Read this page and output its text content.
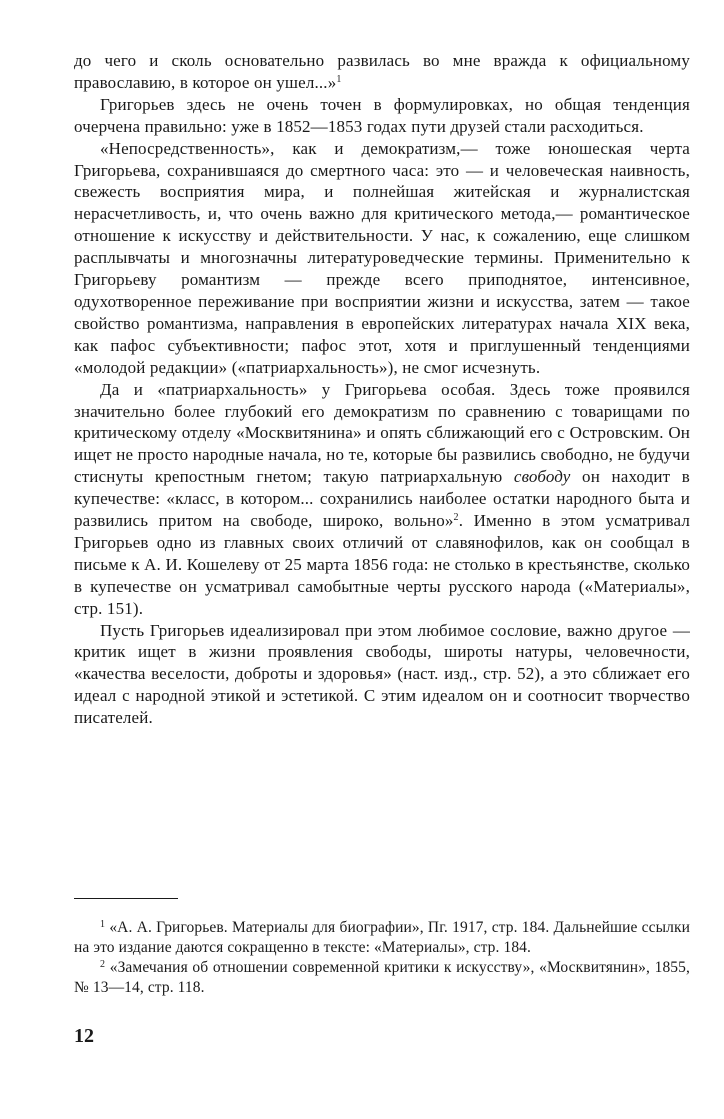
до чего и сколь основательно развилась во мне вражда к официальному православию, в которое он ушел...»$^1$

Григорьев здесь не очень точен в формулировках, но общая тенденция очерчена правильно: уже в 1852—1853 годах пути друзей стали расходиться.

«Непосредственность», как и демократизм,— тоже юношеская черта Григорьева, сохранившаяся до смертного часа: это — и человеческая наивность, свежесть восприятия мира, и полнейшая житейская и журналистская нерасчетливость, и, что очень важно для критического метода,— романтическое отношение к искусству и действительности. У нас, к сожалению, еще слишком расплывчаты и многозначны литературоведческие термины. Применительно к Григорьеву романтизм — прежде всего приподнятое, интенсивное, одухотворенное переживание при восприятии жизни и искусства, затем — такое свойство романтизма, направления в европейских литературах начала XIX века, как пафос субъективности; пафос этот, хотя и приглушенный тенденциями «молодой редакции» («патриархальность»), не смог исчезнуть.

Да и «патриархальность» у Григорьева особая. Здесь тоже проявился значительно более глубокий его демократизм по сравнению с товарищами по критическому отделу «Москвитянина» и опять сближающий его с Островским. Он ищет не просто народные начала, но те, которые бы развились свободно, не будучи стиснуты крепостным гнетом; такую патриархальную свободу он находит в купечестве: «класс, в котором... сохранились наиболее остатки народного быта и развились притом на свободе, широко, вольно»$^2$. Именно в этом усматривал Григорьев одно из главных своих отличий от славянофилов, как он сообщал в письме к А. И. Кошелеву от 25 марта 1856 года: не столько в крестьянстве, сколько в купечестве он усматривал самобытные черты русского народа («Материалы», стр. 151).

Пусть Григорьев идеализировал при этом любимое сословие, важно другое — критик ищет в жизни проявления свободы, широты натуры, человечности, «качества веселости, доброты и здоровья» (наст. изд., стр. 52), а это сближает его идеал с народной этикой и эстетикой. С этим идеалом он и соотносит творчество писателей.

$^1$ «А. А. Григорьев. Материалы для биографии», Пг. 1917, стр. 184. Дальнейшие ссылки на это издание даются сокращенно в тексте: «Материалы», стр. 184.

$^2$ «Замечания об отношении современной критики к искусству», «Москвитянин», 1855, № 13—14, стр. 118.

12
